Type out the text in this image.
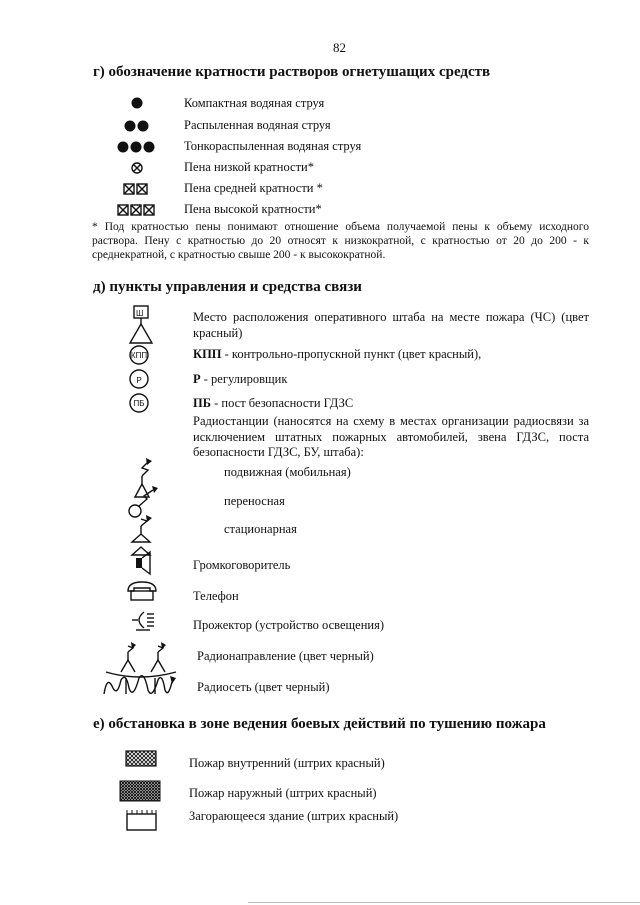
82
г) обозначение кратности растворов огнетушащих средств
Компактная водяная струя
Распыленная водяная струя
Тонкораспыленная водяная струя
Пена низкой кратности*
Пена средней кратности *
Пена высокой кратности*
* Под кратностью пены понимают отношение объема получаемой пены к объему исходного раствора. Пену с кратностью до 20 относят к низкократной, с кратностью от 20 до 200 - к среднекратной, с кратностью свыше 200 - к высокократной.
д) пункты управления и средства связи
Ш	Место расположения оперативного штаба на месте пожара (ЧС) (цвет красный)
КПП	КПП - контрольно-пропускной пункт (цвет красный),
Р	Р - регулировщик
ПБ	ПБ - пост безопасности ГДЗС
Радиостанции (наносятся на схему в местах организации радиосвязи за исключением штатных пожарных автомобилей, звена ГДЗС, поста безопасности ГДЗС, БУ, штаба):
подвижная (мобильная)
переносная
стационарная
Громкоговоритель
Телефон
Прожектор (устройство освещения)
Радионаправление (цвет черный)
Радиосеть (цвет черный)
е) обстановка в зоне ведения боевых действий по тушению пожара
Пожар внутренний (штрих красный)
Пожар наружный (штрих красный)
Загорающееся здание (штрих красный)
